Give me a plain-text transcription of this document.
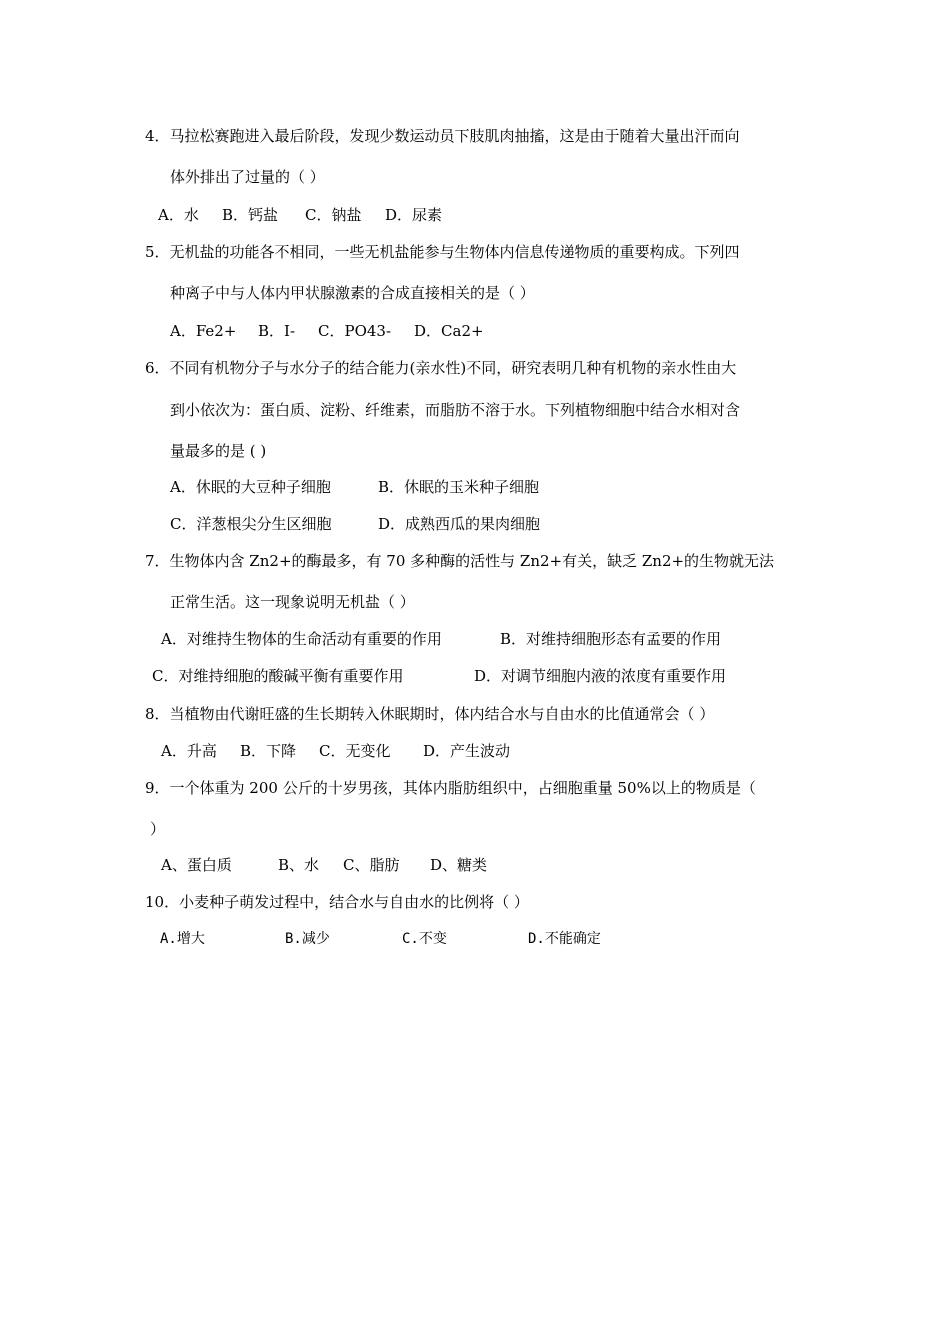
4．马拉松赛跑进入最后阶段，发现少数运动员下肢肌肉抽搐，这是由于随着大量出汗而向
体外排出了过量的（ ）
A．水 B．钙盐 C．钠盐 D．尿素
5．无机盐的功能各不相同，一些无机盐能参与生物体内信息传递物质的重要构成。下列四
种离子中与人体内甲状腺激素的合成直接相关的是（ ）
A．Fe2+ B．I- C．PO43- D．Ca2+
6．不同有机物分子与水分子的结合能力(亲水性)不同，研究表明几种有机物的亲水性由大
到小依次为：蛋白质、淀粉、纤维素，而脂肪不溶于水。下列植物细胞中结合水相对含
量最多的是 ( )
A．休眠的大豆种子细胞	B．休眠的玉米种子细胞
C．洋葱根尖分生区细胞	D．成熟西瓜的果肉细胞
7．生物体内含 Zn2+的酶最多，有 70 多种酶的活性与 Zn2+有关，缺乏 Zn2+的生物就无法
正常生活。这一现象说明无机盐（ ）
A．对维持生物体的生命活动有重要的作用	B．对维持细胞形态有孟要的作用
C．对维持细胞的酸碱平衡有重要作用	D．对调节细胞内液的浓度有重要作用
8．当植物由代谢旺盛的生长期转入休眠期时，体内结合水与自由水的比值通常会（ ）
A．升高 B．下降 C．无变化 D．产生波动
9．一个体重为 200 公斤的十岁男孩，其体内脂肪组织中，占细胞重量 50%以上的物质是（
）
A、蛋白质	B、水 C、脂肪 D、糖类
10．小麦种子萌发过程中，结合水与自由水的比例将（ ）
A.增大	B.减少	C.不变	D.不能确定
